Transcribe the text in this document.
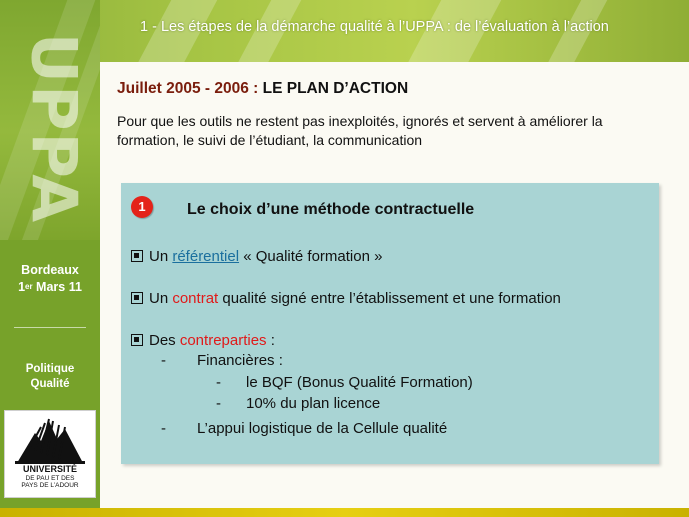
1 - Les étapes de la démarche qualité à l’UPPA : de l’évaluation à l’action
UPPA
Bordeaux
1er Mars 11
Politique
Qualité
UNIVERSITÉ
DE PAU ET DES
PAYS DE L’ADOUR
Juillet 2005 - 2006 : LE PLAN D’ACTION
Pour que les outils ne restent pas inexploités, ignorés et servent à améliorer la formation, le suivi de l’étudiant, la communication
1	Le choix d’une méthode contractuelle
Un référentiel « Qualité formation »
Un contrat qualité signé entre l’établissement et une formation
Des contreparties :
- Financières :
- le BQF (Bonus Qualité Formation)
- 10% du plan licence
- L’appui logistique de la Cellule qualité
